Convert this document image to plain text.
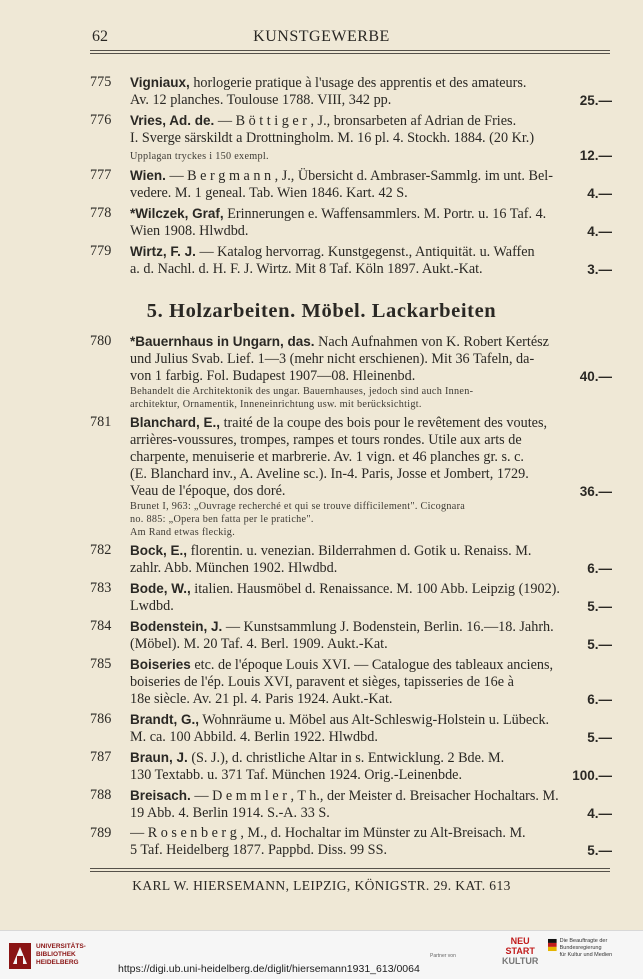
62	KUNSTGEWERBE
775	Vigniaux, horlogerie pratique à l'usage des apprentis et des amateurs.
Av. 12 planches. Toulouse 1788. VIII, 342 pp.	25.—
776	Vries, Ad. de. — B ö t t i g e r , J., bronsarbeten af Adrian de Fries.
I. Sverge särskildt a Drottningholm. M. 16 pl. 4. Stockh. 1884. (20 Kr.)
Upplagan tryckes i 150 exempl.	12.—
777	Wien. — B e r g m a n n , J., Übersicht d. Ambraser-Sammlg. im unt. Bel-
vedere. M. 1 geneal. Tab. Wien 1846. Kart. 42 S.	4.—
778	*Wilczek, Graf, Erinnerungen e. Waffensammlers. M. Portr. u. 16 Taf. 4.
Wien 1908. Hlwdbd.	4.—
779	Wirtz, F. J. — Katalog hervorrag. Kunstgegenst., Antiquität. u. Waffen
a. d. Nachl. d. H. F. J. Wirtz. Mit 8 Taf. Köln 1897. Aukt.-Kat.	3.—
5. Holzarbeiten. Möbel. Lackarbeiten
780	*Bauernhaus in Ungarn, das. Nach Aufnahmen von K. Robert Kertész
und Julius Svab. Lief. 1—3 (mehr nicht erschienen). Mit 36 Tafeln, da-
von 1 farbig. Fol. Budapest 1907—08. Hleinenbd.	40.—
Behandelt die Architektonik des ungar. Bauernhauses, jedoch sind auch Innen-
architektur, Ornamentik, Inneneinrichtung usw. mit berücksichtigt.
781	Blanchard, E., traité de la coupe des bois pour le revêtement des voutes,
arrières-voussures, trompes, rampes et tours rondes. Utile aux arts de
charpente, menuiserie et marbrerie. Av. 1 vign. et 46 planches gr. s. c.
(E. Blanchard inv., A. Aveline sc.). In-4. Paris, Josse et Jombert, 1729.
Veau de l'époque, dos doré.	36.—
Brunet I, 963: „Ouvrage recherché et qui se trouve difficilement". Cicognara
no. 885: „Opera ben fatta per le pratiche".
Am Rand etwas fleckig.
782	Bock, E., florentin. u. venezian. Bilderrahmen d. Gotik u. Renaiss. M.
zahlr. Abb. München 1902. Hlwdbd.	6.—
783	Bode, W., italien. Hausmöbel d. Renaissance. M. 100 Abb. Leipzig (1902).
Lwdbd.	5.—
784	Bodenstein, J. — Kunstsammlung J. Bodenstein, Berlin. 16.—18. Jahrh.
(Möbel). M. 20 Taf. 4. Berl. 1909. Aukt.-Kat.	5.—
785	Boiseries etc. de l'époque Louis XVI. — Catalogue des tableaux anciens,
boiseries de l'ép. Louis XVI, paravent et sièges, tapisseries de 16e à
18e siècle. Av. 21 pl. 4. Paris 1924. Aukt.-Kat.	6.—
786	Brandt, G., Wohnräume u. Möbel aus Alt-Schleswig-Holstein u. Lübeck.
M. ca. 100 Abbild. 4. Berlin 1922. Hlwdbd.	5.—
787	Braun, J. (S. J.), d. christliche Altar in s. Entwicklung. 2 Bde. M.
130 Textabb. u. 371 Taf. München 1924. Orig.-Leinenbde.	100.—
788	Breisach. — D e m m l e r , T h., der Meister d. Breisacher Hochaltars. M.
19 Abb. 4. Berlin 1914. S.-A. 33 S.	4.—
789	— R o s e n b e r g , M., d. Hochaltar im Münster zu Alt-Breisach. M.
5 Taf. Heidelberg 1877. Pappbd. Diss. 99 SS.	5.—
KARL W. HIERSEMANN, LEIPZIG, KÖNIGSTR. 29. KAT. 613
UNIVERSITÄTS-
BIBLIOTHEK
HEIDELBERG
https://digi.ub.uni-heidelberg.de/diglit/hiersemann1931_613/0064
Partner von
NEU
START
KULTUR
Die Beauftragte der Bundesregierung
für Kultur und Medien
